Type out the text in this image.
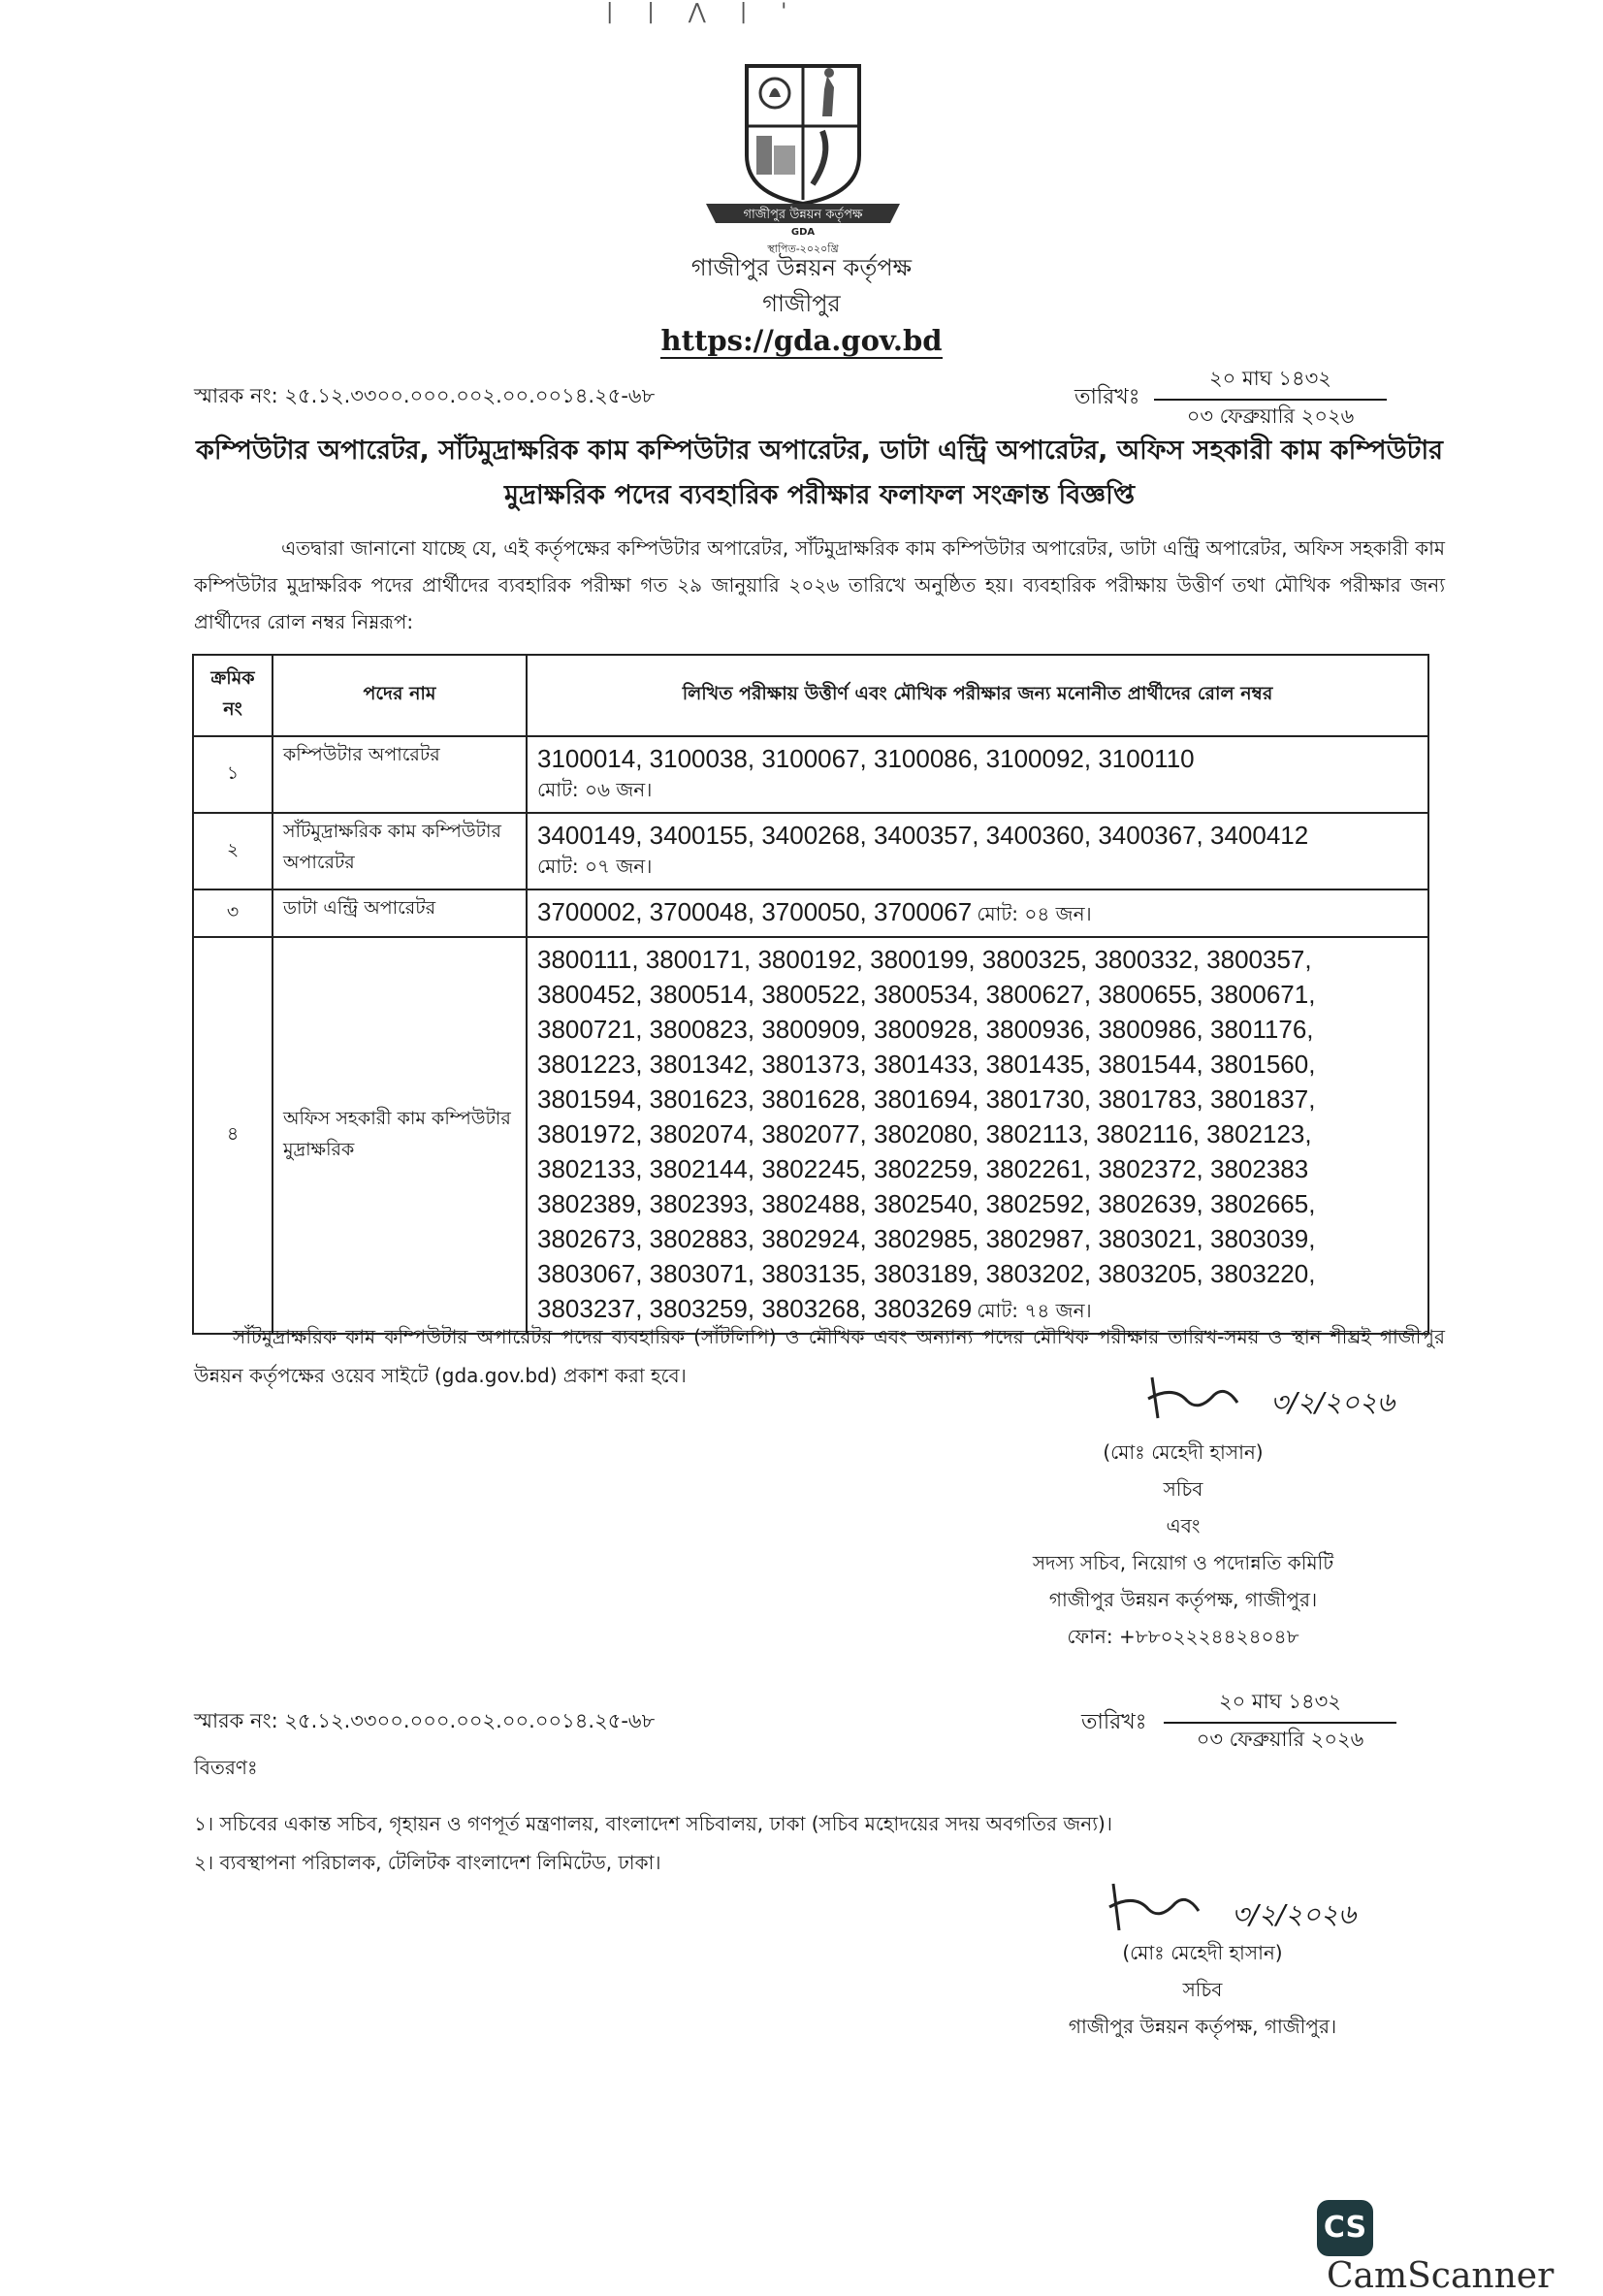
| | ⋀ | '
গাজীপুর উন্নয়ন কর্তৃপক্ষ
GDA
স্থাপিত-২০২০খ্রি
গাজীপুর উন্নয়ন কর্তৃপক্ষ
গাজীপুর
https://gda.gov.bd
স্মারক নং: ২৫.১২.৩৩০০.০০০.০০২.০০.০০১৪.২৫-৬৮	তারিখঃ
২০ মাঘ ১৪৩২
০৩ ফেব্রুয়ারি ২০২৬
কম্পিউটার অপারেটর, সাঁটমুদ্রাক্ষরিক কাম কম্পিউটার অপারেটর, ডাটা এন্ট্রি অপারেটর, অফিস সহকারী কাম কম্পিউটার মুদ্রাক্ষরিক পদের ব্যবহারিক পরীক্ষার ফলাফল সংক্রান্ত বিজ্ঞপ্তি
এতদ্বারা জানানো যাচ্ছে যে, এই কর্তৃপক্ষের কম্পিউটার অপারেটর, সাঁটমুদ্রাক্ষরিক কাম কম্পিউটার অপারেটর, ডাটা এন্ট্রি অপারেটর, অফিস সহকারী কাম কম্পিউটার মুদ্রাক্ষরিক পদের প্রার্থীদের ব্যবহারিক পরীক্ষা গত ২৯ জানুয়ারি ২০২৬ তারিখে অনুষ্ঠিত হয়। ব্যবহারিক পরীক্ষায় উত্তীর্ণ তথা মৌখিক পরীক্ষার জন্য প্রার্থীদের রোল নম্বর নিম্নরূপ:
ক্রমিক নং	পদের নাম	লিখিত পরীক্ষায় উত্তীর্ণ এবং মৌখিক পরীক্ষার জন্য মনোনীত প্রার্থীদের রোল নম্বর
১	কম্পিউটার অপারেটর	3100014, 3100038, 3100067, 3100086, 3100092, 3100110
মোট: ০৬ জন।

২	সাঁটমুদ্রাক্ষরিক কাম কম্পিউটার অপারেটর	3400149, 3400155, 3400268, 3400357, 3400360, 3400367, 3400412
মোট: ০৭ জন।

৩	ডাটা এন্ট্রি অপারেটর	3700002, 3700048, 3700050, 3700067 মোট: ০৪ জন।
৪	অফিস সহকারী কাম কম্পিউটার মুদ্রাক্ষরিক	3800111, 3800171, 3800192, 3800199, 3800325, 3800332, 3800357, 3800452, 3800514, 3800522, 3800534, 3800627, 3800655, 3800671, 3800721, 3800823, 3800909, 3800928, 3800936, 3800986, 3801176, 3801223, 3801342, 3801373, 3801433, 3801435, 3801544, 3801560, 3801594, 3801623, 3801628, 3801694, 3801730, 3801783, 3801837, 3801972, 3802074, 3802077, 3802080, 3802113, 3802116, 3802123, 3802133, 3802144, 3802245, 3802259, 3802261, 3802372, 3802383 3802389, 3802393, 3802488, 3802540, 3802592, 3802639, 3802665, 3802673, 3802883, 3802924, 3802985, 3802987, 3803021, 3803039, 3803067, 3803071, 3803135, 3803189, 3803202, 3803205, 3803220, 3803237, 3803259, 3803268, 3803269 মোট: ৭৪ জন।
সাঁটমুদ্রাক্ষরিক কাম কম্পিউটার অপারেটর পদের ব্যবহারিক (সাঁটলিপি) ও মৌখিক এবং অন্যান্য পদের মৌখিক পরীক্ষার তারিখ-সময় ও স্থান শীঘ্রই গাজীপুর উন্নয়ন কর্তৃপক্ষের ওয়েব সাইটে (gda.gov.bd) প্রকাশ করা হবে।
৩/২/২০২৬
(মোঃ মেহেদী হাসান)
সচিব
এবং
সদস্য সচিব, নিয়োগ ও পদোন্নতি কমিটি
গাজীপুর উন্নয়ন কর্তৃপক্ষ, গাজীপুর।
ফোন: +৮৮০২২২৪৪২৪০৪৮
স্মারক নং: ২৫.১২.৩৩০০.০০০.০০২.০০.০০১৪.২৫-৬৮	তারিখঃ
২০ মাঘ ১৪৩২
০৩ ফেব্রুয়ারি ২০২৬
বিতরণঃ
১। সচিবের একান্ত সচিব, গৃহায়ন ও গণপূর্ত মন্ত্রণালয়, বাংলাদেশ সচিবালয়, ঢাকা (সচিব মহোদয়ের সদয় অবগতির জন্য)।
২। ব্যবস্থাপনা পরিচালক, টেলিটক বাংলাদেশ লিমিটেড, ঢাকা।
৩/২/২০২৬
(মোঃ মেহেদী হাসান)
সচিব
গাজীপুর উন্নয়ন কর্তৃপক্ষ, গাজীপুর।
CSCamScanner
